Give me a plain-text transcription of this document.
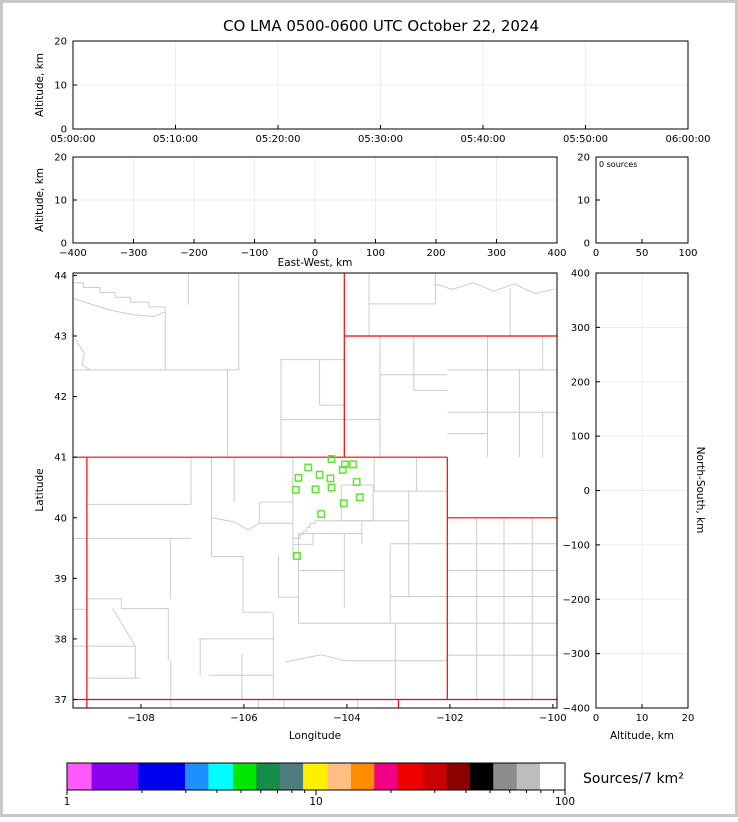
CO LMA 0500-0600 UTC October 22, 2024
05:00:00	05:10:00	05:20:00	05:30:00	05:40:00	05:50:00	06:00:00
0
10
20
−400	−300	−200	−100	0	100	200	300	400
0
10
20
0	50	100
0
10
20
−108	−106	−104	−102	−100
37
38
39
40
41
42
43
44
0	10	20
400
300
200
100
0
−100
−200
−300
−400
1	10	100
Altitude, km
Altitude, km
East-West, km
0 sources
Latitude
Longitude
North-South, km
Altitude, km
Sources/7 km²
